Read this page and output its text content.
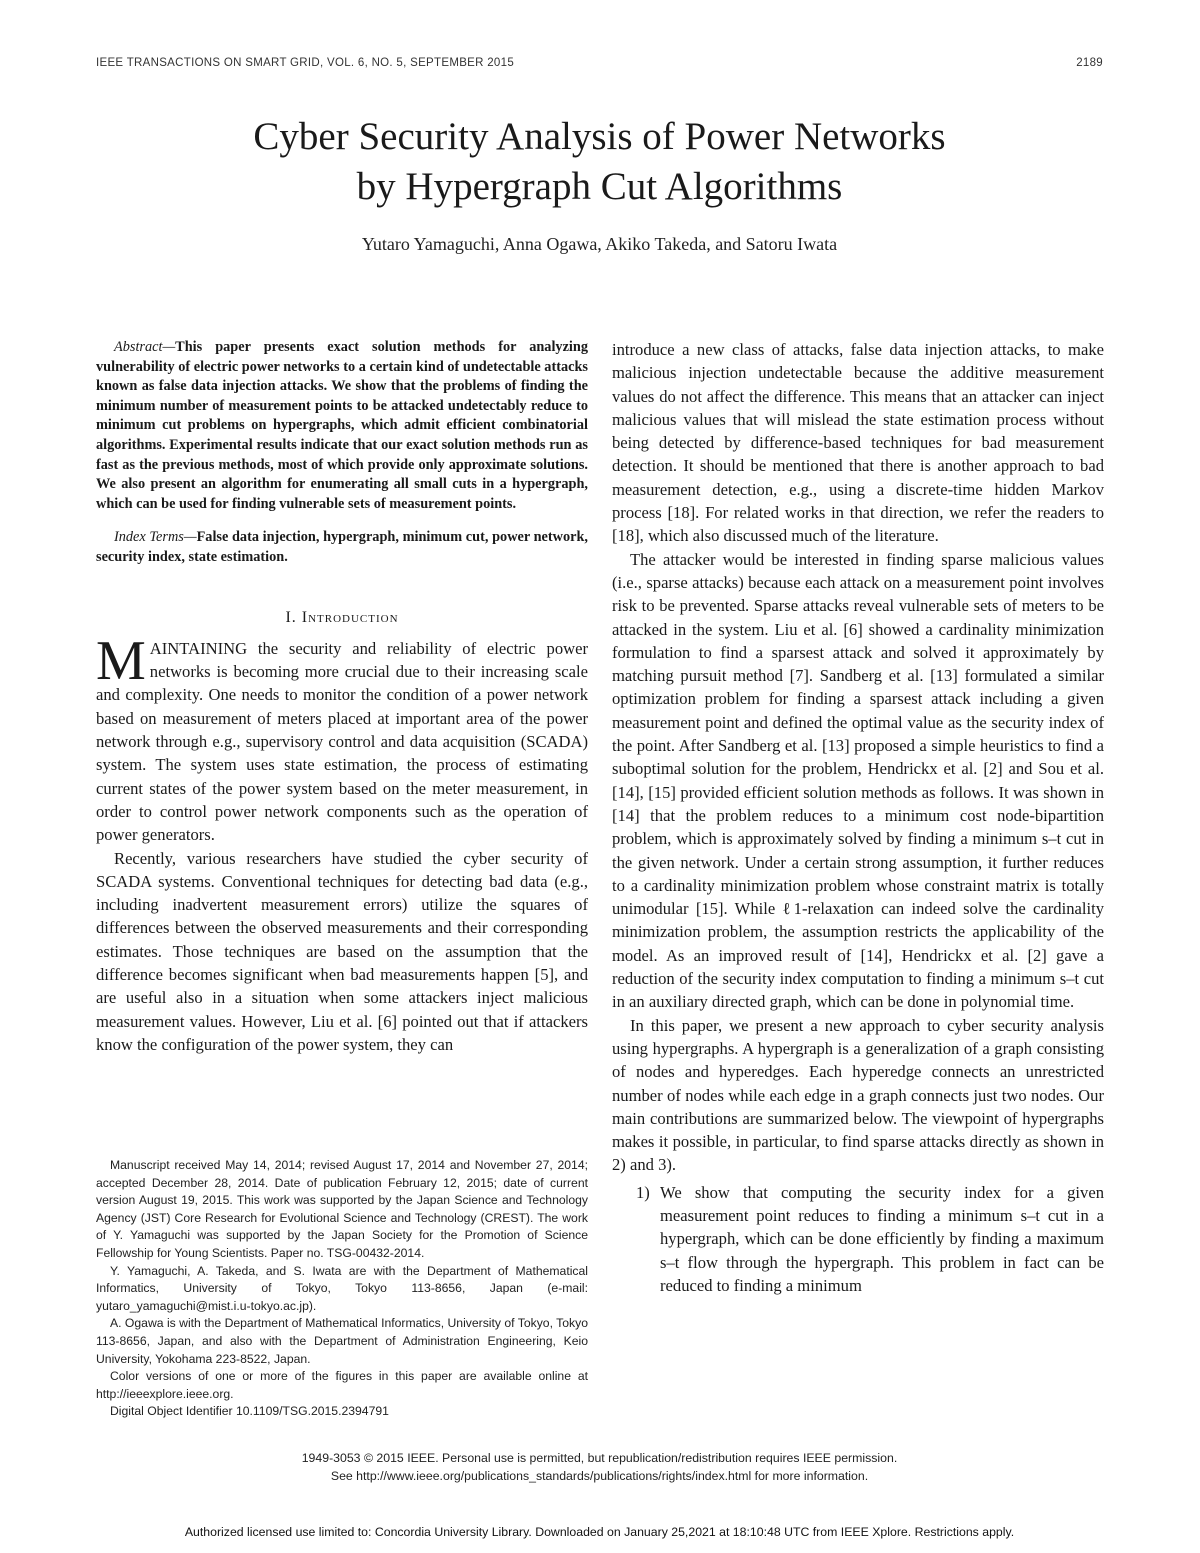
IEEE TRANSACTIONS ON SMART GRID, VOL. 6, NO. 5, SEPTEMBER 2015	2189
Cyber Security Analysis of Power Networks
by Hypergraph Cut Algorithms
Yutaro Yamaguchi, Anna Ogawa, Akiko Takeda, and Satoru Iwata

Abstract—This paper presents exact solution methods for analyzing vulnerability of electric power networks to a certain kind of undetectable attacks known as false data injection attacks. We show that the problems of finding the minimum number of measurement points to be attacked undetectably reduce to minimum cut problems on hypergraphs, which admit efficient combinatorial algorithms. Experimental results indicate that our exact solution methods run as fast as the previous methods, most of which provide only approximate solutions. We also present an algorithm for enumerating all small cuts in a hypergraph, which can be used for finding vulnerable sets of measurement points.

Index Terms—False data injection, hypergraph, minimum cut, power network, security index, state estimation.

I. Introduction

MAINTAINING the security and reliability of electric power networks is becoming more crucial due to their increasing scale and complexity. One needs to monitor the condition of a power network based on measurement of meters placed at important area of the power network through e.g., supervisory control and data acquisition (SCADA) system. The system uses state estimation, the process of estimating current states of the power system based on the meter measurement, in order to control power network components such as the operation of power generators.

Recently, various researchers have studied the cyber security of SCADA systems. Conventional techniques for detecting bad data (e.g., including inadvertent measurement errors) utilize the squares of differences between the observed measurements and their corresponding estimates. Those techniques are based on the assumption that the difference becomes significant when bad measurements happen [5], and are useful also in a situation when some attackers inject malicious measurement values. However, Liu et al. [6] pointed out that if attackers know the configuration of the power system, they can

Manuscript received May 14, 2014; revised August 17, 2014 and November 27, 2014; accepted December 28, 2014. Date of publication February 12, 2015; date of current version August 19, 2015. This work was supported by the Japan Science and Technology Agency (JST) Core Research for Evolutional Science and Technology (CREST). The work of Y. Yamaguchi was supported by the Japan Society for the Promotion of Science Fellowship for Young Scientists. Paper no. TSG-00432-2014.

Y. Yamaguchi, A. Takeda, and S. Iwata are with the Department of Mathematical Informatics, University of Tokyo, Tokyo 113-8656, Japan (e-mail: yutaro_yamaguchi@mist.i.u-tokyo.ac.jp).

A. Ogawa is with the Department of Mathematical Informatics, University of Tokyo, Tokyo 113-8656, Japan, and also with the Department of Administration Engineering, Keio University, Yokohama 223-8522, Japan.

Color versions of one or more of the figures in this paper are available online at http://ieeexplore.ieee.org.

Digital Object Identifier 10.1109/TSG.2015.2394791

introduce a new class of attacks, false data injection attacks, to make malicious injection undetectable because the additive measurement values do not affect the difference. This means that an attacker can inject malicious values that will mislead the state estimation process without being detected by difference-based techniques for bad measurement detection. It should be mentioned that there is another approach to bad measurement detection, e.g., using a discrete-time hidden Markov process [18]. For related works in that direction, we refer the readers to [18], which also discussed much of the literature.

The attacker would be interested in finding sparse malicious values (i.e., sparse attacks) because each attack on a measurement point involves risk to be prevented. Sparse attacks reveal vulnerable sets of meters to be attacked in the system. Liu et al. [6] showed a cardinality minimization formulation to find a sparsest attack and solved it approximately by matching pursuit method [7]. Sandberg et al. [13] formulated a similar optimization problem for finding a sparsest attack including a given measurement point and defined the optimal value as the security index of the point. After Sandberg et al. [13] proposed a simple heuristics to find a suboptimal solution for the problem, Hendrickx et al. [2] and Sou et al. [14], [15] provided efficient solution methods as follows. It was shown in [14] that the problem reduces to a minimum cost node-bipartition problem, which is approximately solved by finding a minimum s–t cut in the given network. Under a certain strong assumption, it further reduces to a cardinality minimization problem whose constraint matrix is totally unimodular [15]. While ℓ1-relaxation can indeed solve the cardinality minimization problem, the assumption restricts the applicability of the model. As an improved result of [14], Hendrickx et al. [2] gave a reduction of the security index computation to finding a minimum s–t cut in an auxiliary directed graph, which can be done in polynomial time.

In this paper, we present a new approach to cyber security analysis using hypergraphs. A hypergraph is a generalization of a graph consisting of nodes and hyperedges. Each hyperedge connects an unrestricted number of nodes while each edge in a graph connects just two nodes. Our main contributions are summarized below. The viewpoint of hypergraphs makes it possible, in particular, to find sparse attacks directly as shown in 2) and 3).

1) We show that computing the security index for a given measurement point reduces to finding a minimum s–t cut in a hypergraph, which can be done efficiently by finding a maximum s–t flow through the hypergraph. This problem in fact can be reduced to finding a minimum
1949-3053 © 2015 IEEE. Personal use is permitted, but republication/redistribution requires IEEE permission.
See http://www.ieee.org/publications_standards/publications/rights/index.html for more information.
Authorized licensed use limited to: Concordia University Library. Downloaded on January 25,2021 at 18:10:48 UTC from IEEE Xplore. Restrictions apply.
